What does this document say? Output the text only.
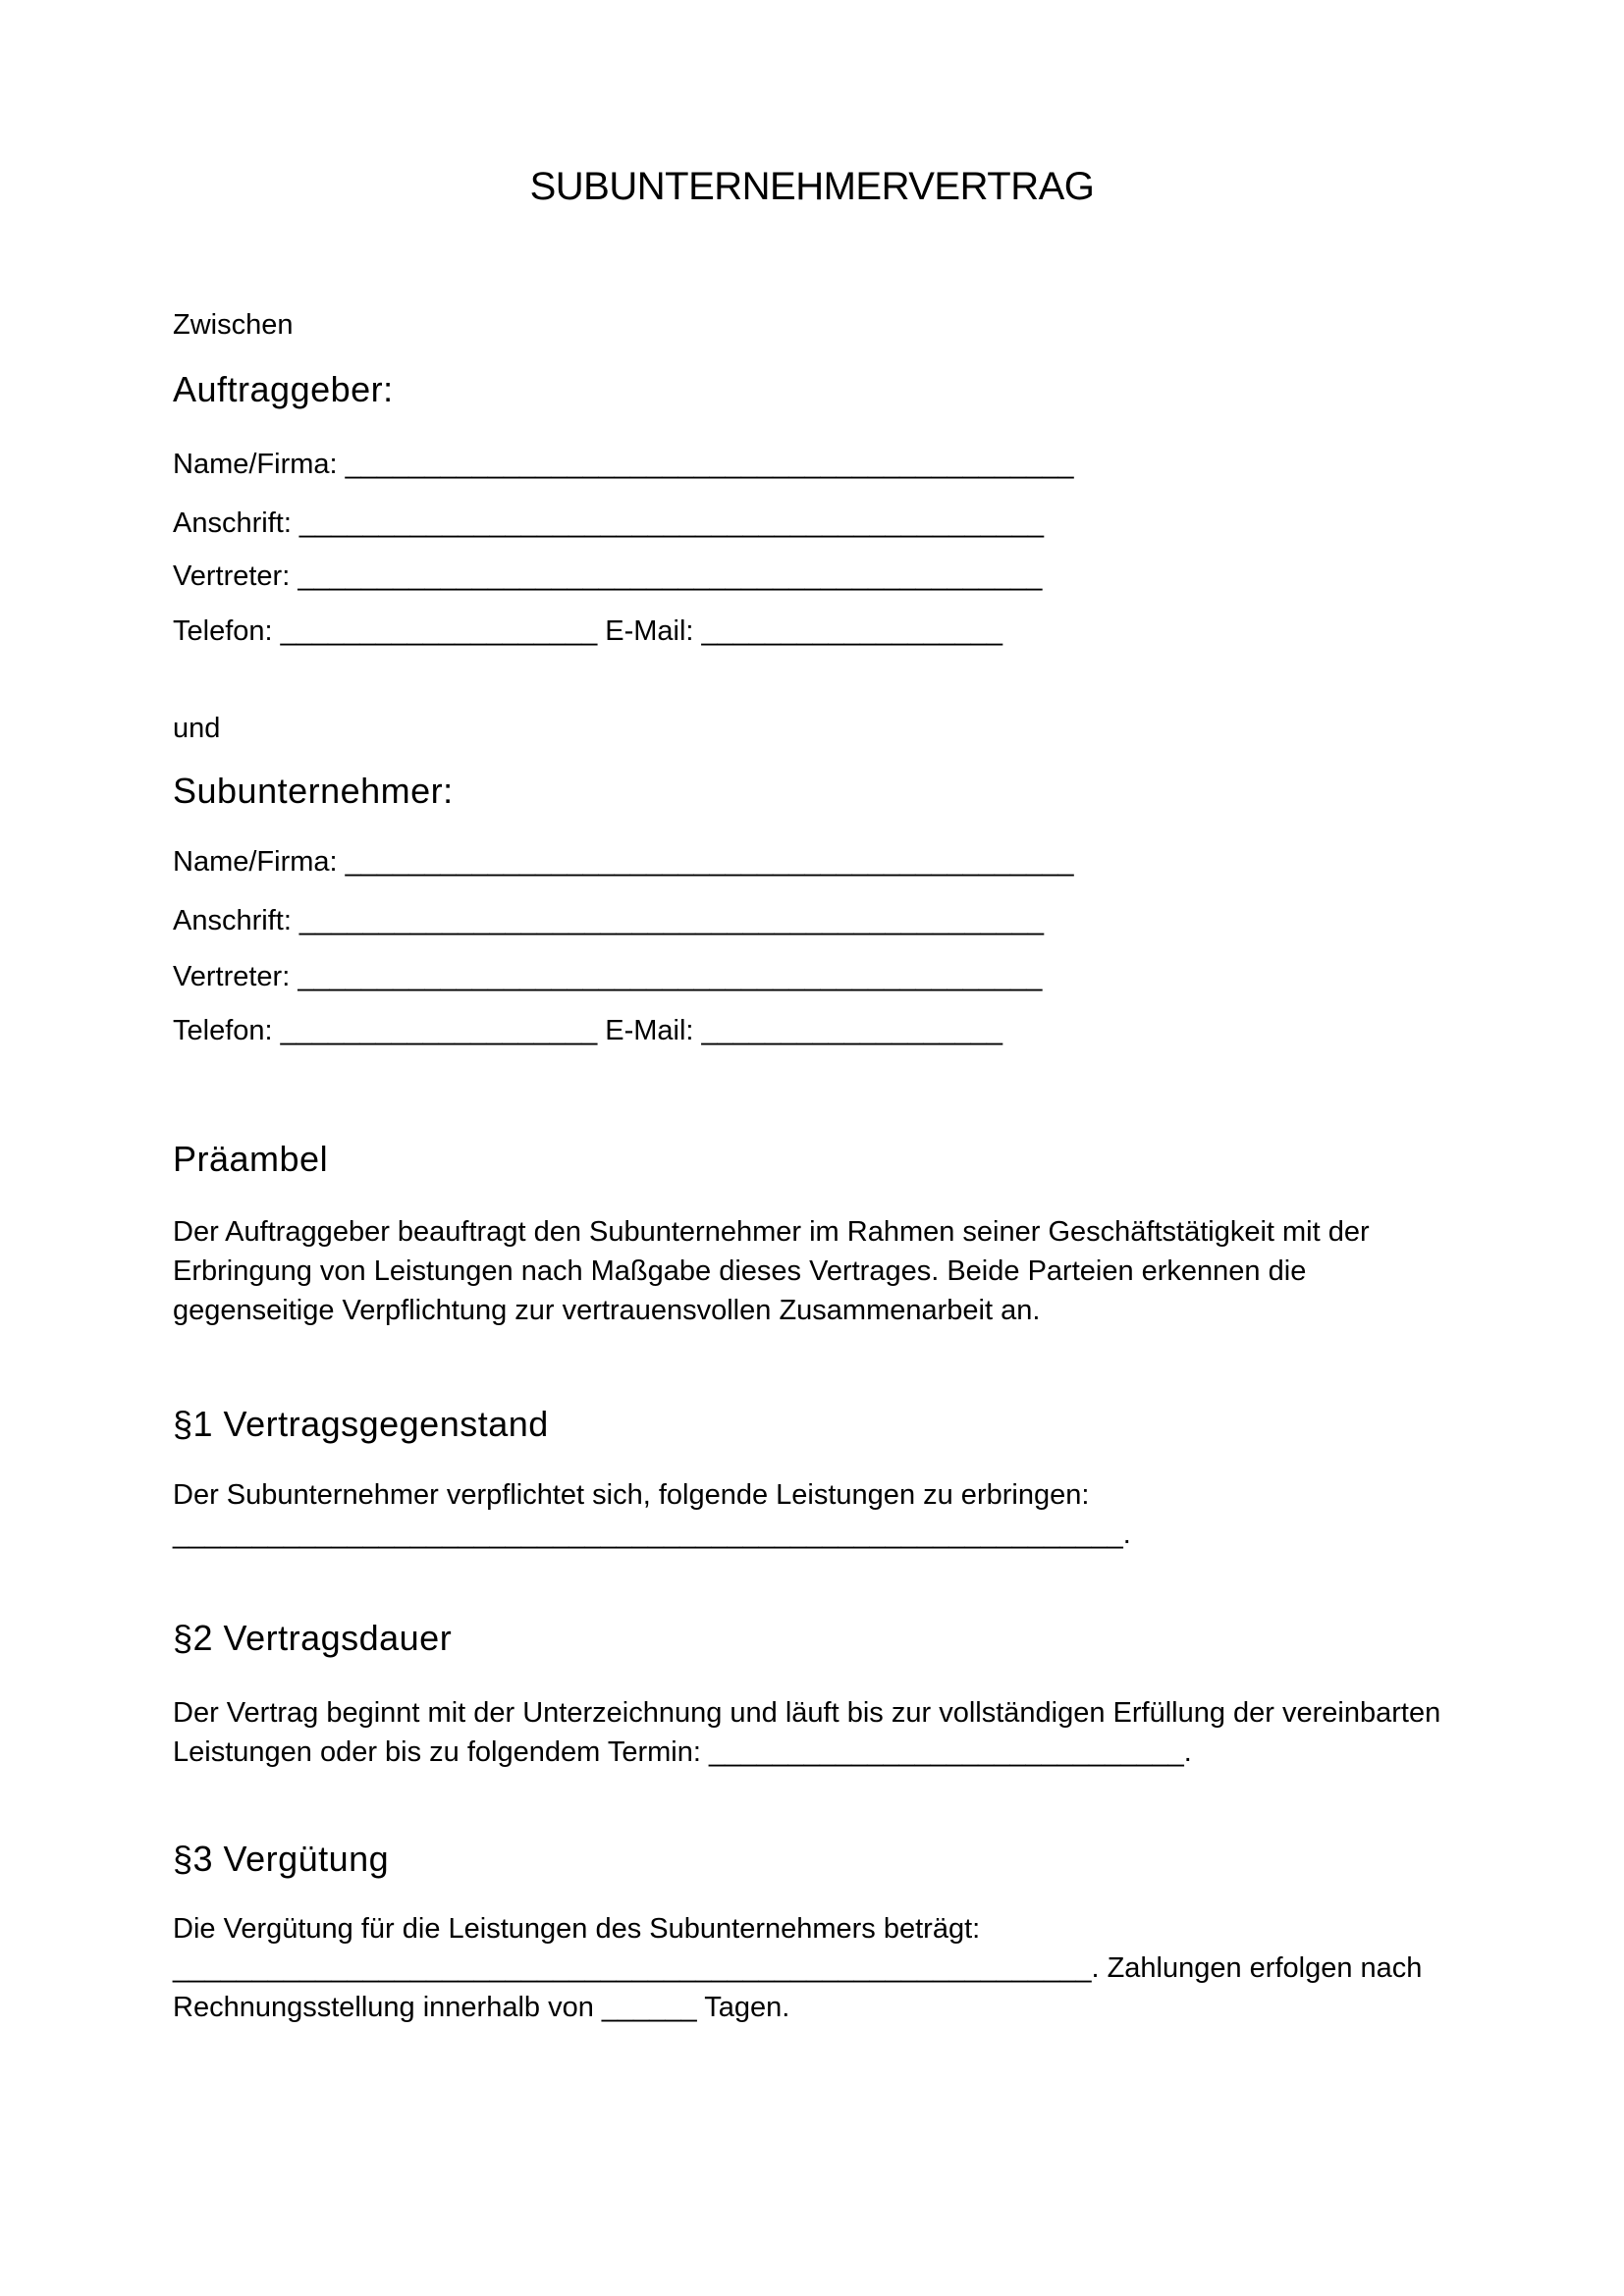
SUBUNTERNEHMERVERTRAG
Zwischen
Auftraggeber:
Name/Firma: ______________________________________________
Anschrift: _______________________________________________
Vertreter: _______________________________________________
Telefon: ____________________ E-Mail: ___________________
und
Subunternehmer:
Name/Firma: ______________________________________________
Anschrift: _______________________________________________
Vertreter: _______________________________________________
Telefon: ____________________ E-Mail: ___________________
Präambel
Der Auftraggeber beauftragt den Subunternehmer im Rahmen seiner Geschäftstätigkeit mit der Erbringung von Leistungen nach Maßgabe dieses Vertrages. Beide Parteien erkennen die gegenseitige Verpflichtung zur vertrauensvollen Zusammenarbeit an.
§1 Vertragsgegenstand
Der Subunternehmer verpflichtet sich, folgende Leistungen zu erbringen: ____________________________________________________________.
§2 Vertragsdauer
Der Vertrag beginnt mit der Unterzeichnung und läuft bis zur vollständigen Erfüllung der vereinbarten Leistungen oder bis zu folgendem Termin: ______________________________.
§3 Vergütung
Die Vergütung für die Leistungen des Subunternehmers beträgt: __________________________________________________________. Zahlungen erfolgen nach Rechnungsstellung innerhalb von ______ Tagen.
